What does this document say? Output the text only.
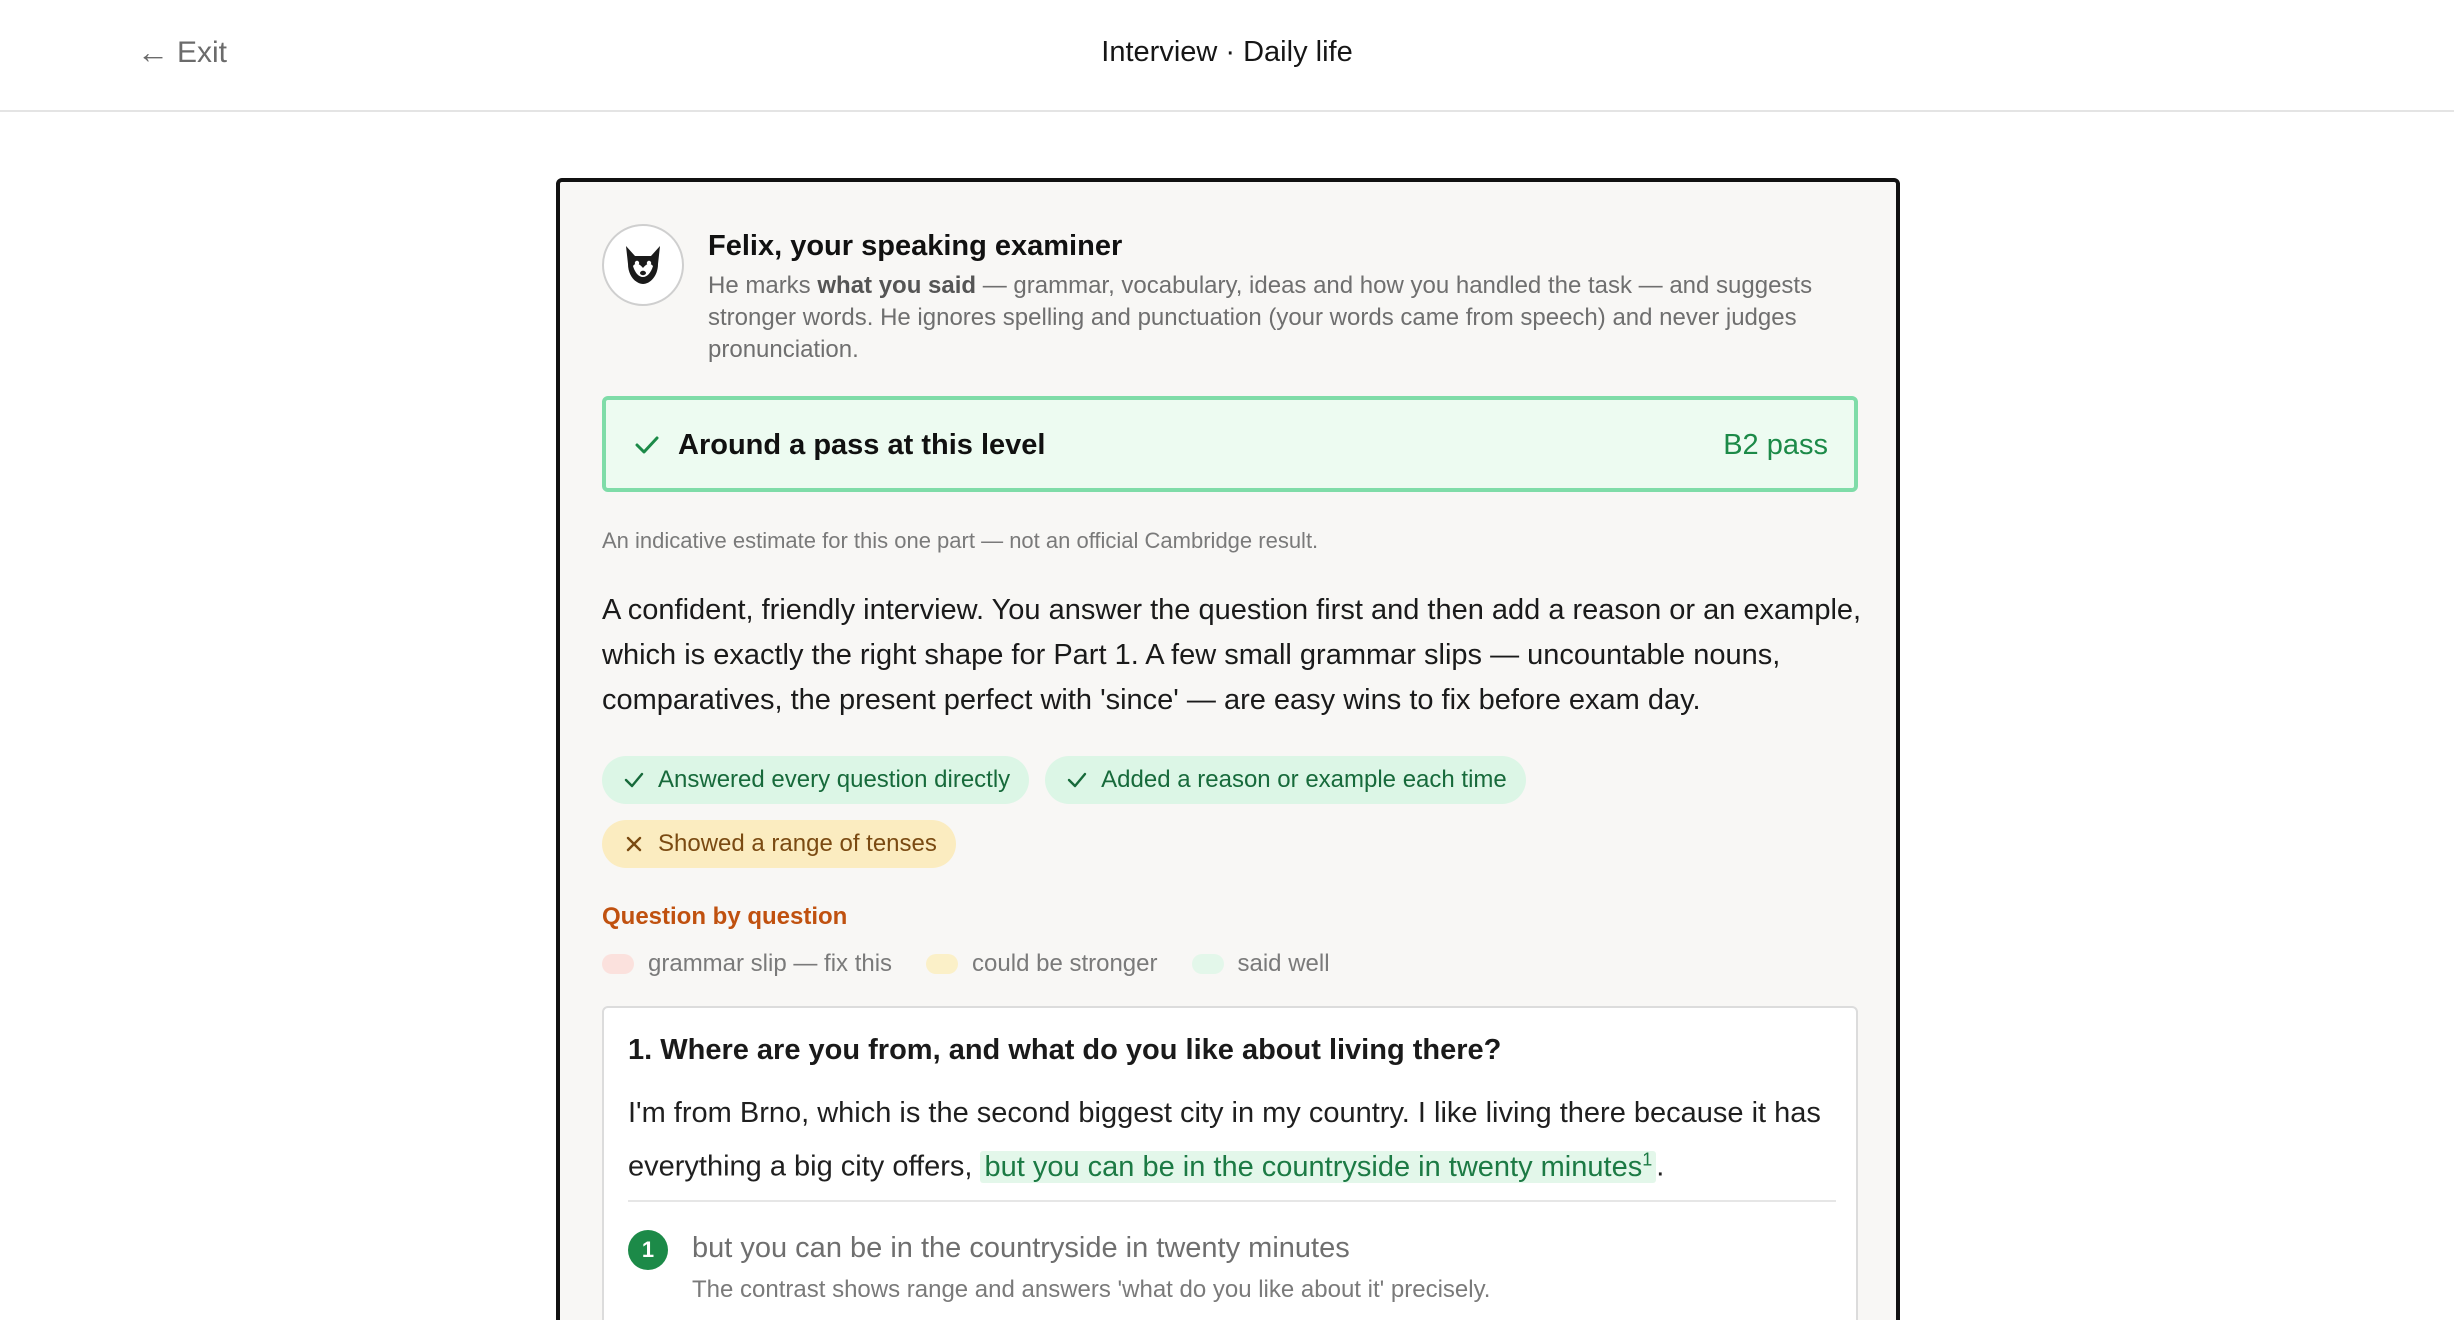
← Exit	Interview · Daily life
Felix, your speaking examiner
He marks what you said — grammar, vocabulary, ideas and how you handled the task — and suggests stronger words. He ignores spelling and punctuation (your words came from speech) and never judges pronunciation.
Around a pass at this level	B2 pass
An indicative estimate for this one part — not an official Cambridge result.
A confident, friendly interview. You answer the question first and then add a reason or an example, which is exactly the right shape for Part 1. A few small grammar slips — uncountable nouns, comparatives, the present perfect with 'since' — are easy wins to fix before exam day.
Answered every question directly	Added a reason or example each time
Showed a range of tenses
Question by question
grammar slip — fix this	could be stronger	said well
1. Where are you from, and what do you like about living there?
I'm from Brno, which is the second biggest city in my country. I like living there because it has everything a big city offers, but you can be in the countryside in twenty minutes$^1$ .
1	but you can be in the countryside in twenty minutes
The contrast shows range and answers 'what do you like about it' precisely.
